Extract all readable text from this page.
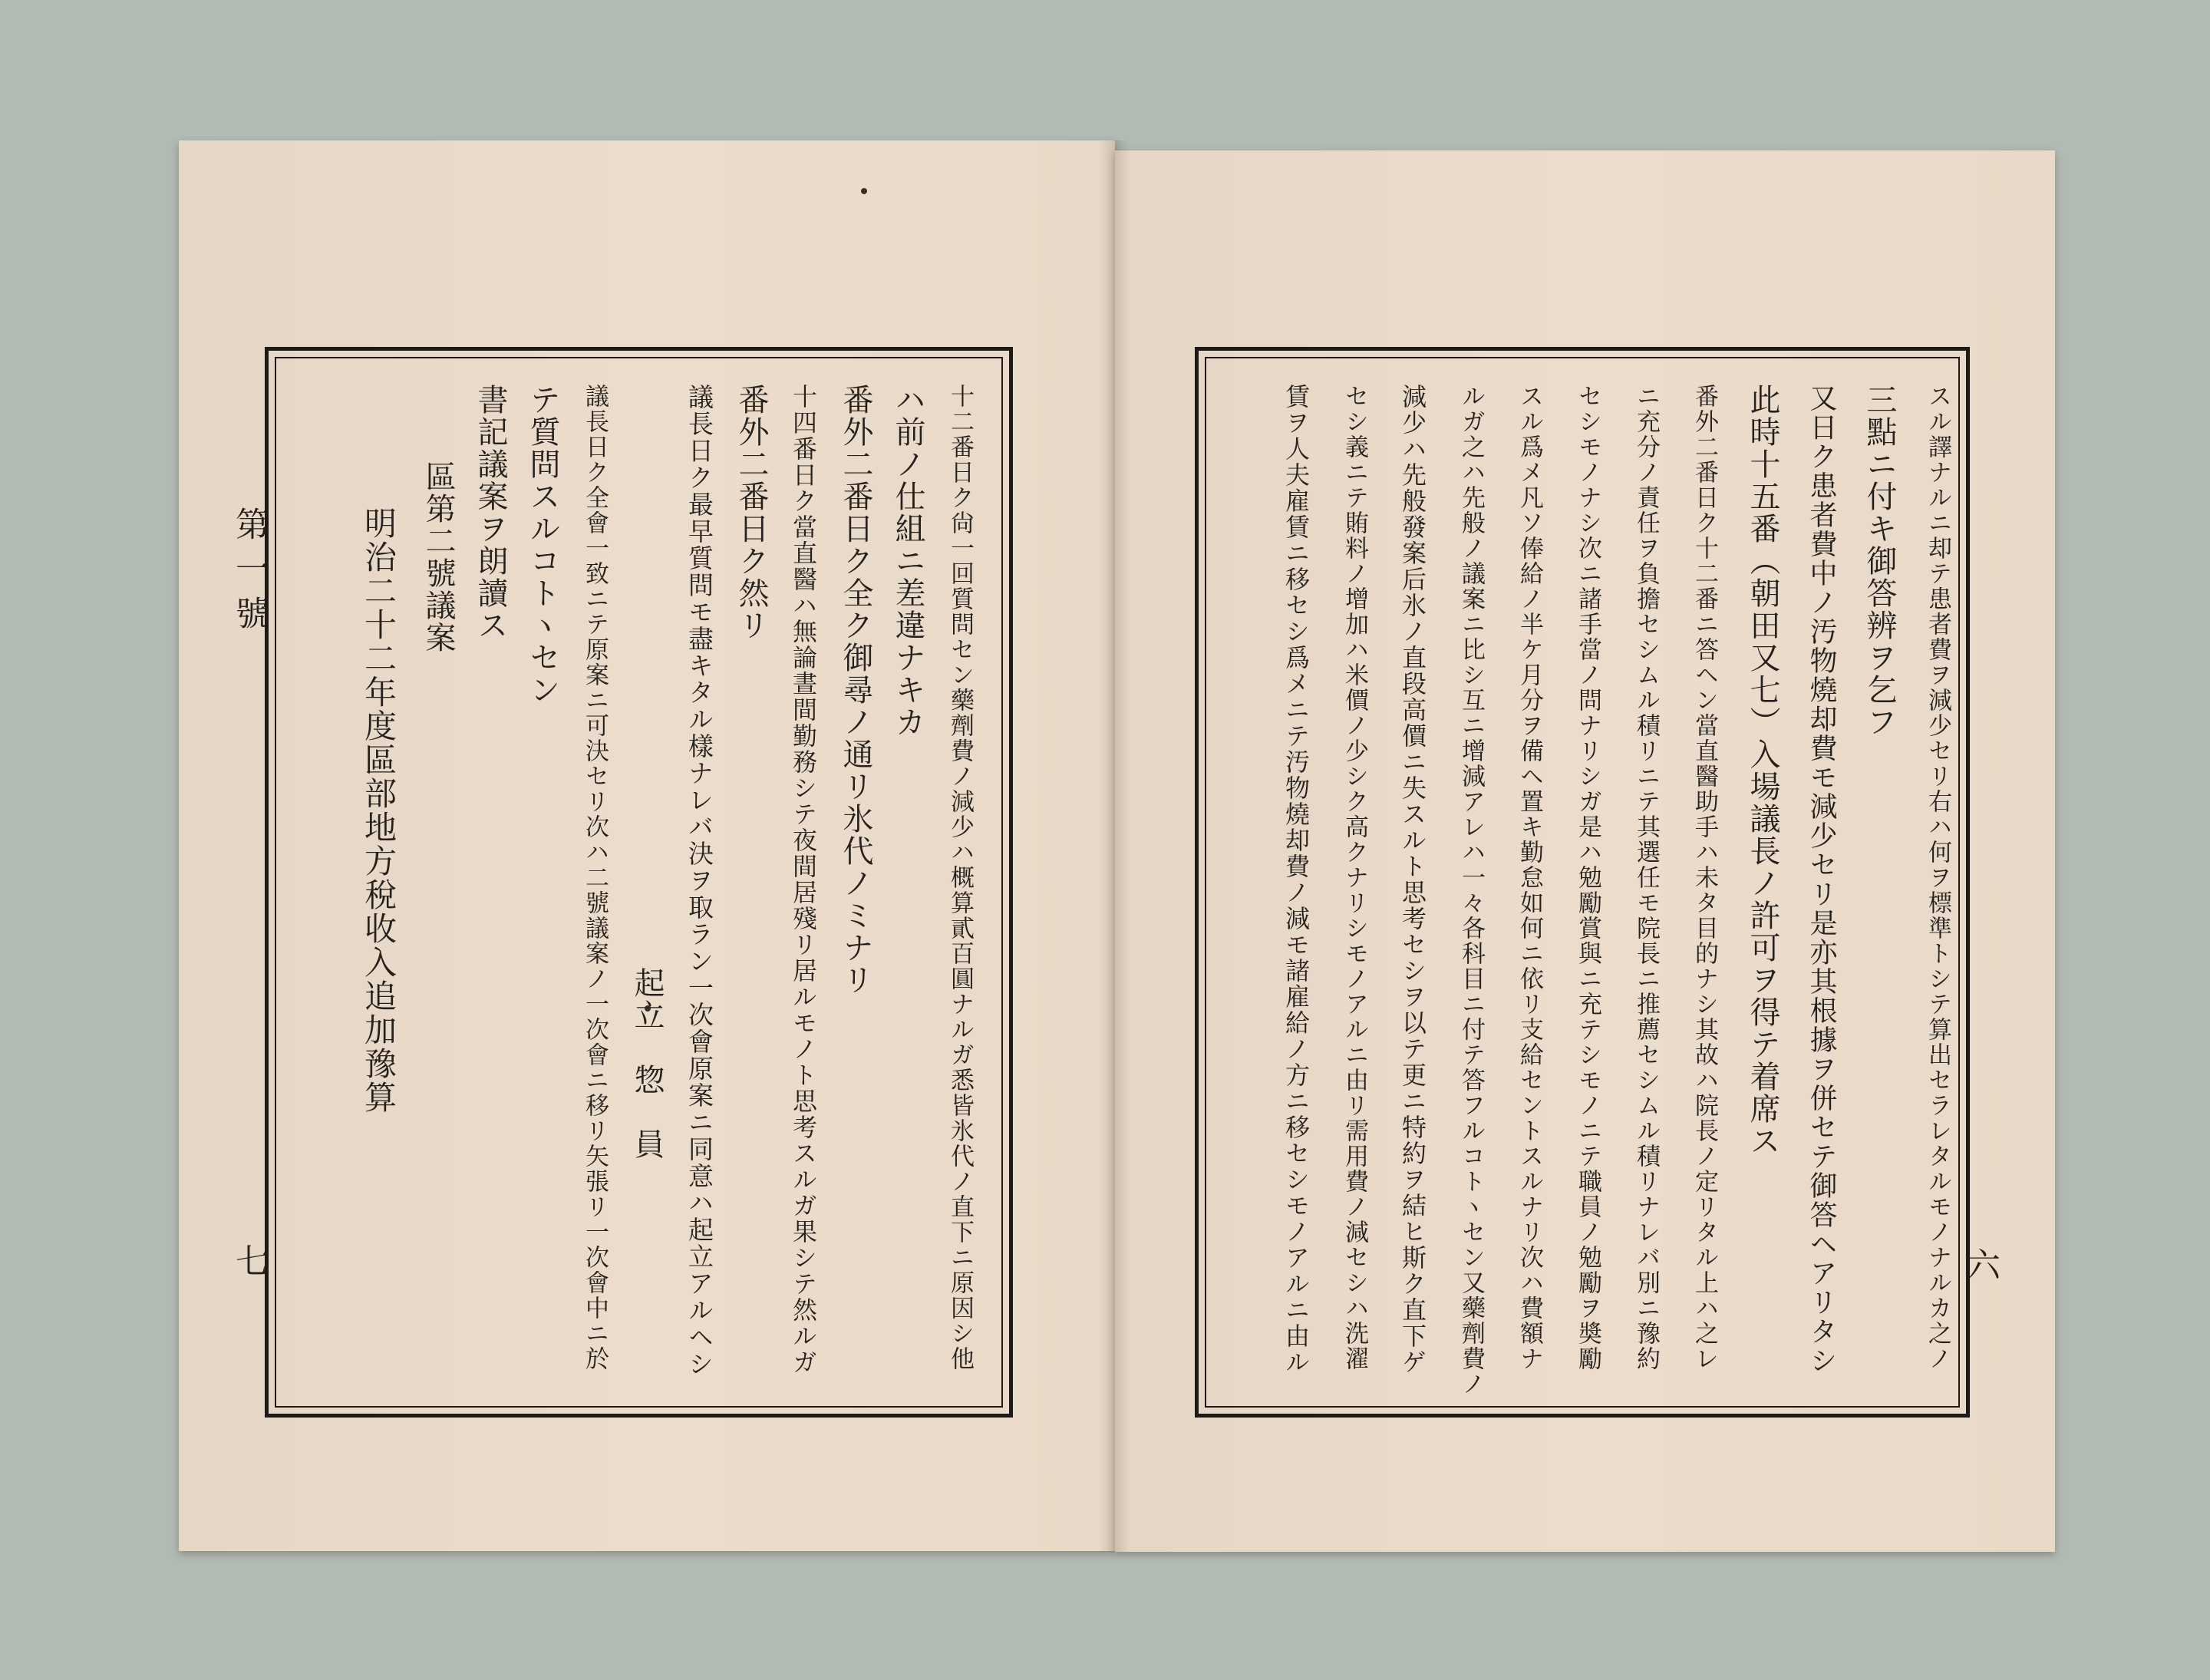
⠀
第一號
七	十二番日ク尙一回質問セン藥劑費ノ減少ハ概算貳百圓ナルガ悉皆氷代ノ直下ニ原因シ他
ハ前ノ仕組ニ差違ナキカ
番外二番日ク全ク御尋ノ通リ氷代ノミナリ
十四番日ク當直醫ハ無論晝間勤務シテ夜間居殘リ居ルモノト思考スルガ果シテ然ルガ
番外二番日ク然リ
議長日ク最早質問モ盡キタル樣ナレバ決ヲ取ラン一次會原案ニ同意ハ起立アルヘシ
起立　惣　員
議長日ク全會一致ニテ原案ニ可決セリ次ハ二號議案ノ一次會ニ移リ矢張リ一次會中ニ於
テ質問スルコトヽセン
書記議案ヲ朗讀ス
區第二號議案
明治二十二年度區部地方稅收入追加豫算
六
スル譯ナルニ却テ患者費ヲ減少セリ右ハ何ヲ標準トシテ算出セラレタルモノナルカ之ノ
三點ニ付キ御答辨ヲ乞フ
又日ク患者費中ノ汚物燒却費モ減少セリ是亦其根據ヲ併セテ御答ヘアリタシ
此時十五番（朝田又七）入場議長ノ許可ヲ得テ着席ス
番外二番日ク十二番ニ答ヘン當直醫助手ハ未タ目的ナシ其故ハ院長ノ定リタル上ハ之レ
ニ充分ノ責任ヲ負擔セシムル積リニテ其選任モ院長ニ推薦セシムル積リナレバ別ニ豫約
セシモノナシ次ニ諸手當ノ問ナリシガ是ハ勉勵賞與ニ充テシモノニテ職員ノ勉勵ヲ奬勵
スル爲メ凡ソ俸給ノ半ケ月分ヲ備ヘ置キ勤怠如何ニ依リ支給セントスルナリ次ハ費額ナ
ルガ之ハ先般ノ議案ニ比シ互ニ增減アレハ一々各科目ニ付テ答フルコトヽセン又藥劑費ノ
減少ハ先般發案后氷ノ直段高價ニ失スルト思考セシヲ以テ更ニ特約ヲ結ヒ斯ク直下ゲ
セシ義ニテ賄料ノ增加ハ米價ノ少シク高クナリシモノアルニ由リ需用費ノ減セシハ洗濯
賃ヲ人夫雇賃ニ移セシ爲メニテ汚物燒却費ノ減モ諸雇給ノ方ニ移セシモノアルニ由ル
